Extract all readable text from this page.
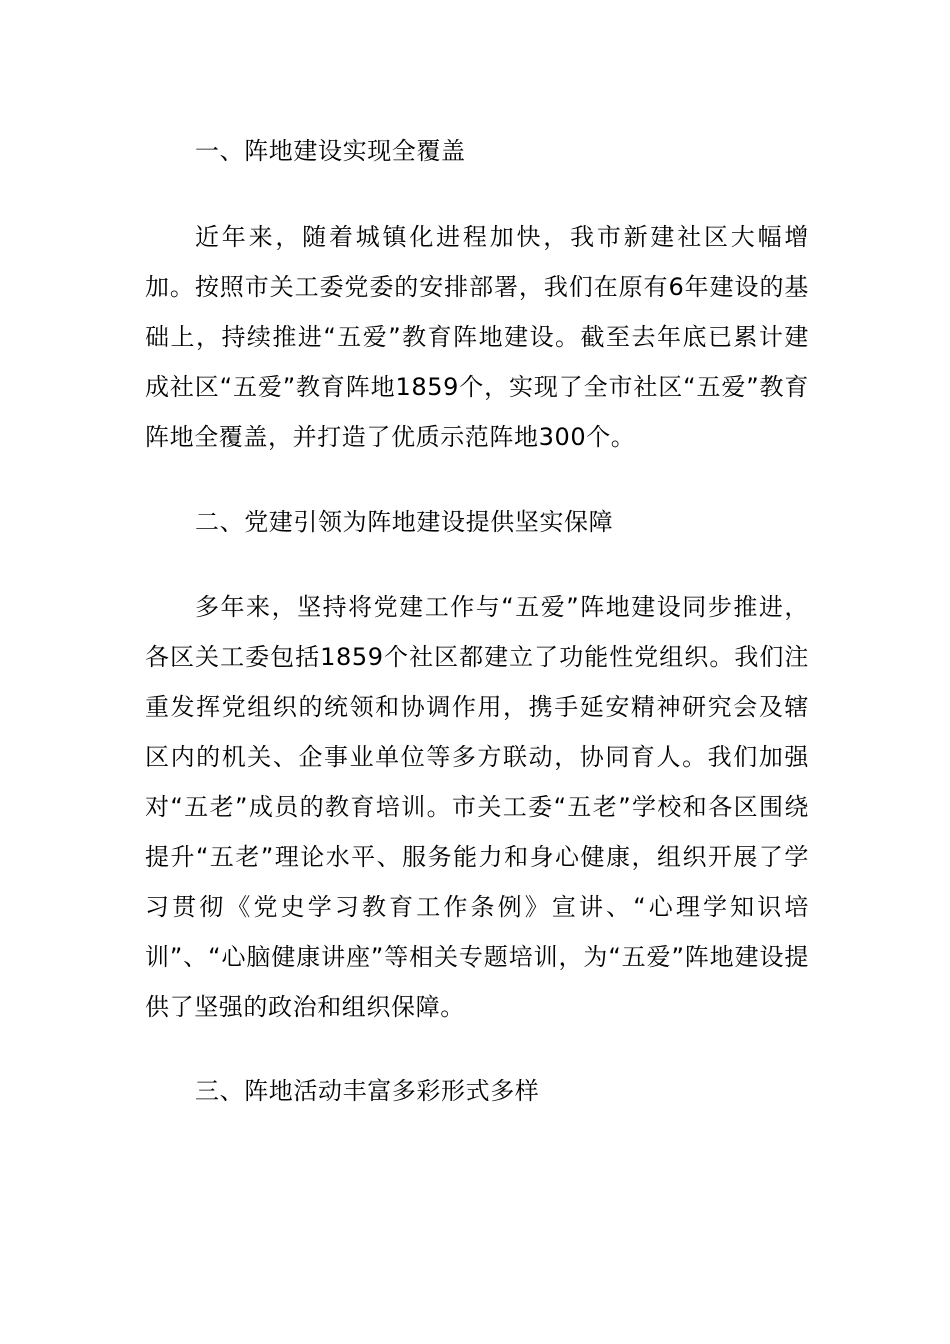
一、阵地建设实现全覆盖

近年来，随着城镇化进程加快，我市新建社区大幅增加。按照市关工委党委的安排部署，我们在原有6年建设的基础上，持续推进“五爱”教育阵地建设。截至去年底已累计建成社区“五爱”教育阵地1859个，实现了全市社区“五爱”教育阵地全覆盖，并打造了优质示范阵地300个。

二、党建引领为阵地建设提供坚实保障

多年来，坚持将党建工作与“五爱”阵地建设同步推进，各区关工委包括1859个社区都建立了功能性党组织。我们注重发挥党组织的统领和协调作用，携手延安精神研究会及辖区内的机关、企事业单位等多方联动，协同育人。我们加强对“五老”成员的教育培训。市关工委“五老”学校和各区围绕提升“五老”理论水平、服务能力和身心健康，组织开展了学习贯彻《党史学习教育工作条例》宣讲、“心理学知识培训”、“心脑健康讲座”等相关专题培训，为“五爱”阵地建设提供了坚强的政治和组织保障。

三、阵地活动丰富多彩形式多样
